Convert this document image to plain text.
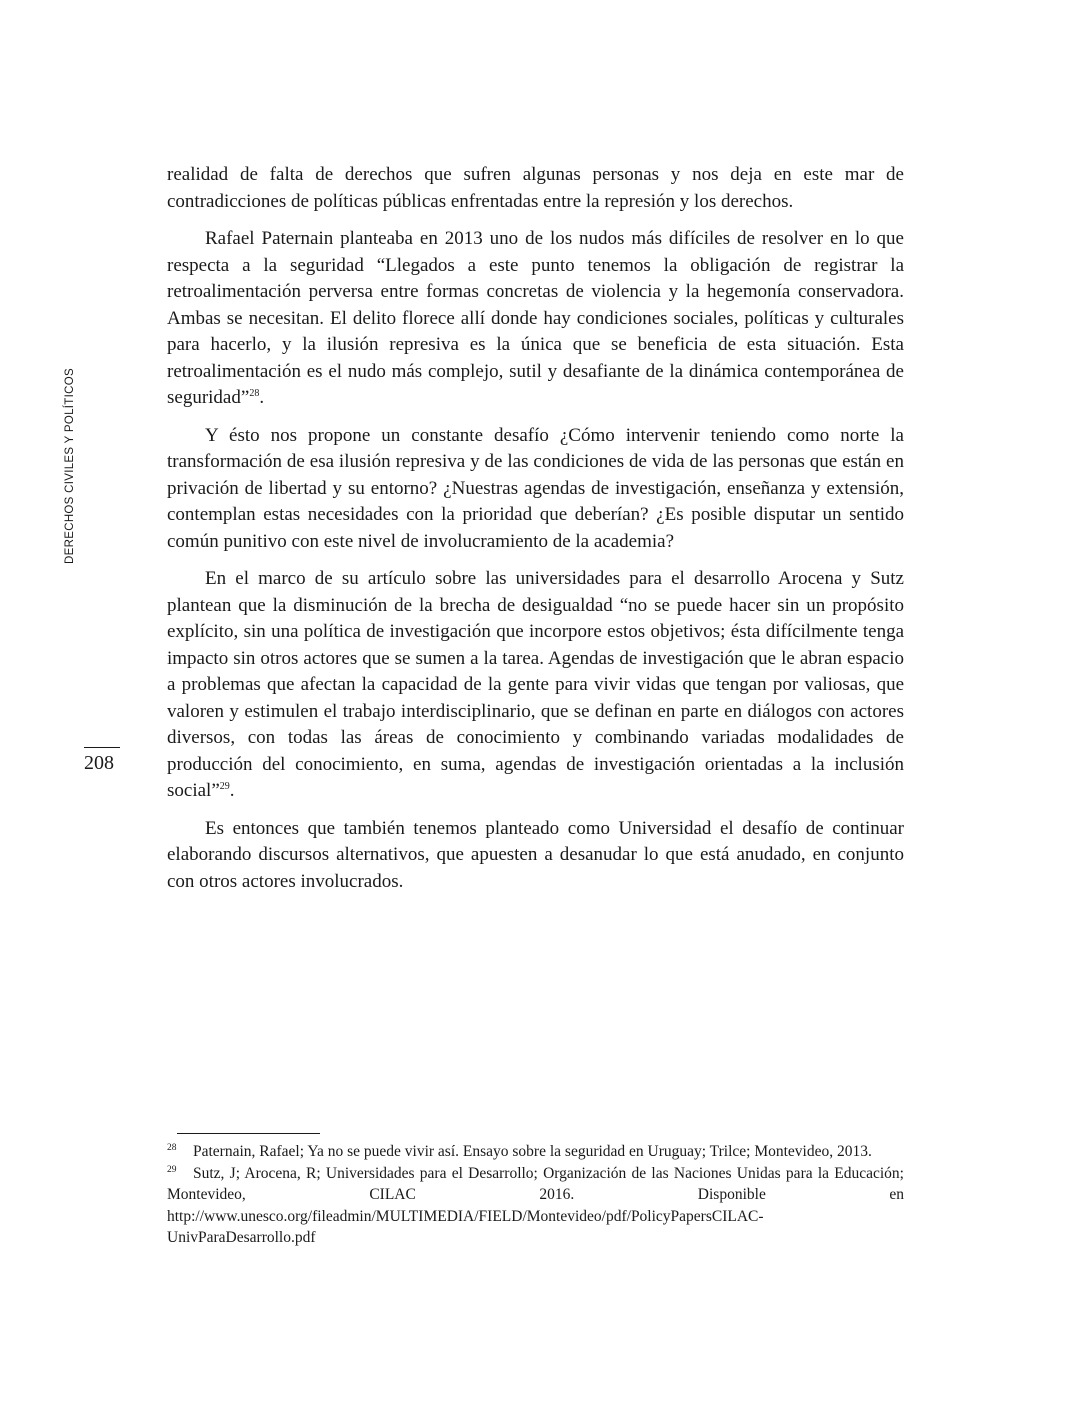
DERECHOS CIVILES Y POLÍTICOS
208

realidad de falta de derechos que sufren algunas personas y nos deja en este mar de contradicciones de políticas públicas enfrentadas entre la represión y los derechos.

Rafael Paternain planteaba en 2013 uno de los nudos más difíciles de resolver en lo que respecta a la seguridad “Llegados a este punto tenemos la obligación de registrar la retroalimentación perversa entre formas concretas de violencia y la hegemonía conservadora. Ambas se necesitan. El delito florece allí donde hay condiciones sociales, políticas y culturales para hacerlo, y la ilusión represiva es la única que se beneficia de esta situación. Esta retroalimentación es el nudo más complejo, sutil y desafiante de la dinámica contemporánea de seguridad”$^{28}$.

Y ésto nos propone un constante desafío ¿Cómo intervenir teniendo como norte la transformación de esa ilusión represiva y de las condiciones de vida de las personas que están en privación de libertad y su entorno? ¿Nuestras agendas de investigación, enseñanza y extensión, contemplan estas necesidades con la prioridad que deberían? ¿Es posible disputar un sentido común punitivo con este nivel de involucramiento de la academia?

En el marco de su artículo sobre las universidades para el desarrollo Arocena y Sutz plantean que la disminución de la brecha de desigualdad “no se puede hacer sin un propósito explícito, sin una política de investigación que incorpore estos objetivos; ésta difícilmente tenga impacto sin otros actores que se sumen a la tarea. Agendas de investigación que le abran espacio a problemas que afectan la capacidad de la gente para vivir vidas que tengan por valiosas, que valoren y estimulen el trabajo interdisciplinario, que se definan en parte en diálogos con actores diversos, con todas las áreas de conocimiento y combinando variadas modalidades de producción del conocimiento, en suma, agendas de investigación orientadas a la inclusión social”$^{29}$.

Es entonces que también tenemos planteado como Universidad el desafío de continuar elaborando discursos alternativos, que apuesten a desanudar lo que está anudado, en conjunto con otros actores involucrados.

28 Paternain, Rafael; Ya no se puede vivir así. Ensayo sobre la seguridad en Uruguay; Trilce; Montevideo, 2013.

29 Sutz, J; Arocena, R; Universidades para el Desarrollo; Organización de las Naciones Unidas para la Educación; Montevideo, CILAC 2016. Disponible en http://www.unesco.org/fileadmin/MULTIMEDIA/FIELD/Montevideo/pdf/PolicyPapersCILAC-UnivParaDesarrollo.pdf
